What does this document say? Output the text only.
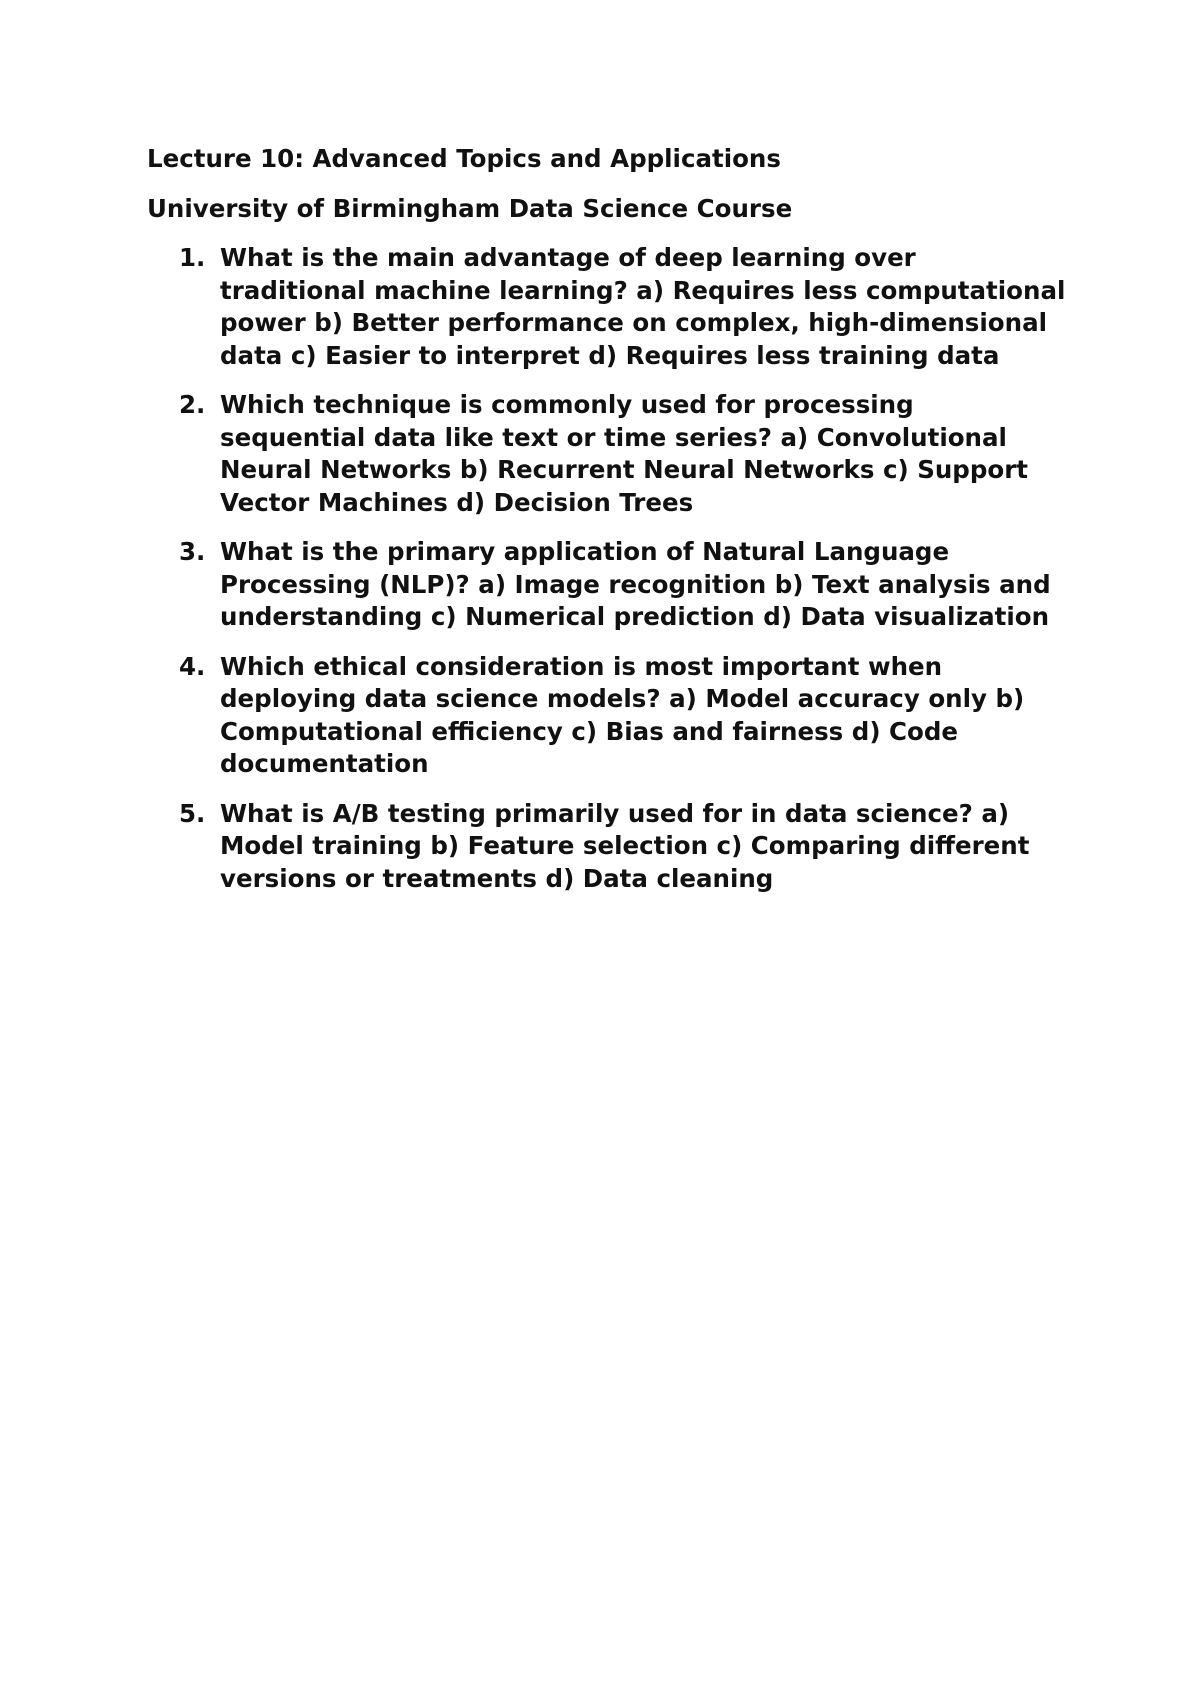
Lecture 10: Advanced Topics and Applications

University of Birmingham Data Science Course

1. What is the main advantage of deep learning over traditional machine learning? a) Requires less computational power b) Better performance on complex, high-dimensional data c) Easier to interpret d) Requires less training data
2. Which technique is commonly used for processing sequential data like text or time series? a) Convolutional Neural Networks b) Recurrent Neural Networks c) Support Vector Machines d) Decision Trees
3. What is the primary application of Natural Language Processing (NLP)? a) Image recognition b) Text analysis and understanding c) Numerical prediction d) Data visualization
4. Which ethical consideration is most important when deploying data science models? a) Model accuracy only b) Computational efficiency c) Bias and fairness d) Code documentation
5. What is A/B testing primarily used for in data science? a) Model training b) Feature selection c) Comparing different versions or treatments d) Data cleaning
